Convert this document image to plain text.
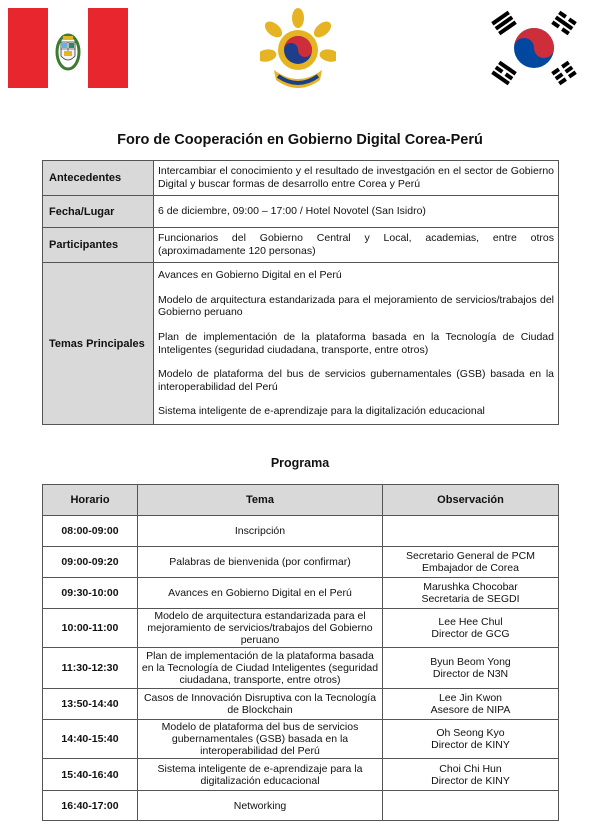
Foro de Cooperación en Gobierno Digital Corea-Perú
Antecedentes	Intercambiar el conocimiento y el resultado de investgación en el sector de Gobierno Digital y buscar formas de desarrollo entre Corea y Perú
Fecha/Lugar	6 de diciembre, 09:00 – 17:00 / Hotel Novotel (San Isidro)
Participantes	Funcionarios del Gobierno Central y Local, academias, entre otros (aproximadamente 120 personas)
Temas Principales	Avances en Gobierno Digital en el Perú

Modelo de arquitectura estandarizada para el mejoramiento de servicios/trabajos del Gobierno peruano

Plan de implementación de la plataforma basada en la Tecnología de Ciudad Inteligentes (seguridad ciudadana, transporte, entre otros)

Modelo de plataforma del bus de servicios gubernamentales (GSB) basada en la interoperabilidad del Perú

Sistema inteligente de e-aprendizaje para la digitalización educacional

Programa
Horario	Tema	Observación
08:00-09:00	Inscripción	

09:00-09:20	Palabras de bienvenida (por confirmar)	Secretario General de PCM
Embajador de Corea

09:30-10:00	Avances en Gobierno Digital en el Perú	Marushka Chocobar
Secretaria de SEGDI

10:00-11:00	Modelo de arquitectura estandarizada para el mejoramiento de servicios/trabajos del Gobierno peruano	Lee Hee Chul
Director de GCG

11:30-12:30	Plan de implementación de la plataforma basada en la Tecnología de Ciudad Inteligentes (seguridad ciudadana, transporte, entre otros)	Byun Beom Yong
Director de N3N

13:50-14:40	Casos de Innovación Disruptiva con la Tecnología de Blockchain	Lee Jin Kwon
Asesore de NIPA

14:40-15:40	Modelo de plataforma del bus de servicios gubernamentales (GSB) basada en la interoperabilidad del Perú	Oh Seong Kyo
Director de KINY

15:40-16:40	Sistema inteligente de e-aprendizaje para la digitalización educacional	Choi Chi Hun
Director de KINY

16:40-17:00	Networking	
